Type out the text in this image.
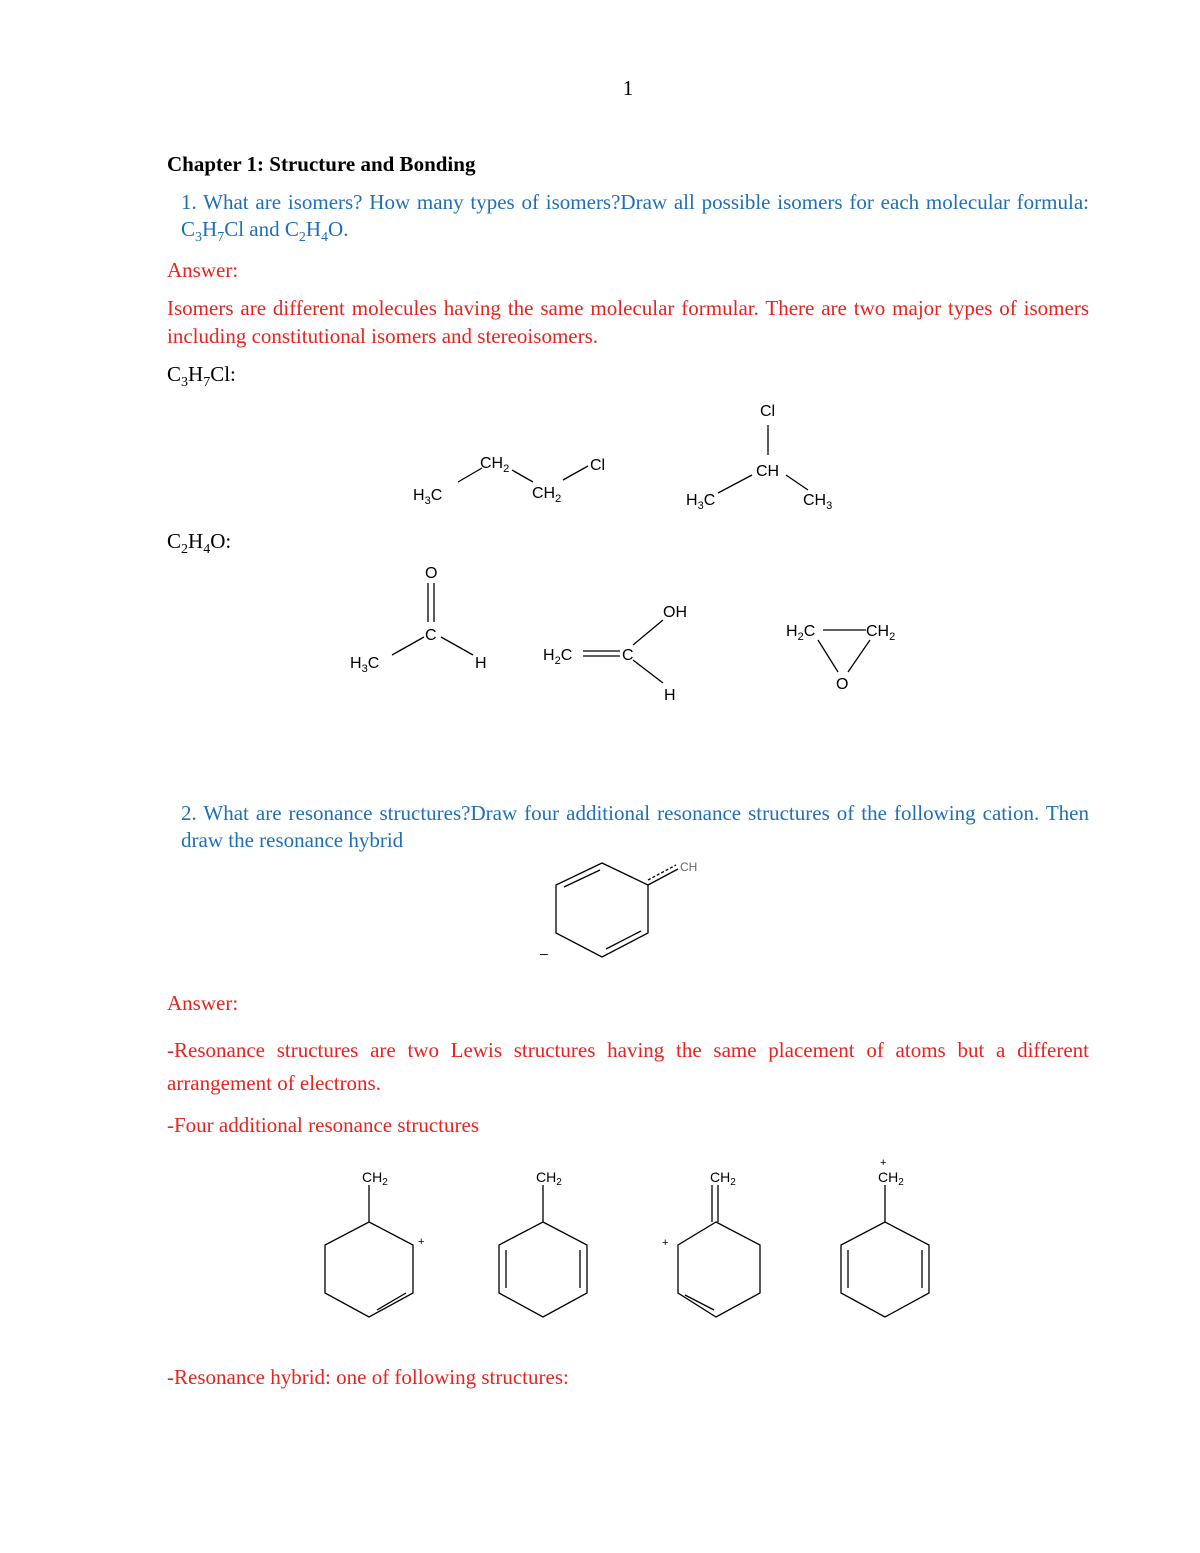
1
Chapter 1: Structure and Bonding
1. What are isomers? How many types of isomers?Draw all possible isomers for each molecular formula: $C_3H_7Cl$ and $C_2H_4O$.
Answer:
Isomers are different molecules having the same molecular formular. There are two major types of isomers including constitutional isomers and stereoisomers.
$C_3H_7Cl$:
$C_2H_4O$:
$H_3C$
$CH_2$
$CH_2$
Cl
Cl
CH
$H_3C$	$CH_3$
O
C
$H_3C$	H	$H_2C$	C
OH
H
$H_2C$	$CH_2$
O
2. What are resonance structures?Draw four additional resonance structures of the following cation. Then draw the resonance hybrid
CH
–
Answer:
-Resonance structures are two Lewis structures having the same placement of atoms but a different arrangement of electrons.
-Four additional resonance structures
$CH_2$
+
$CH_2$	$CH_2$
+
$CH_2$
+
-Resonance hybrid: one of following structures:
